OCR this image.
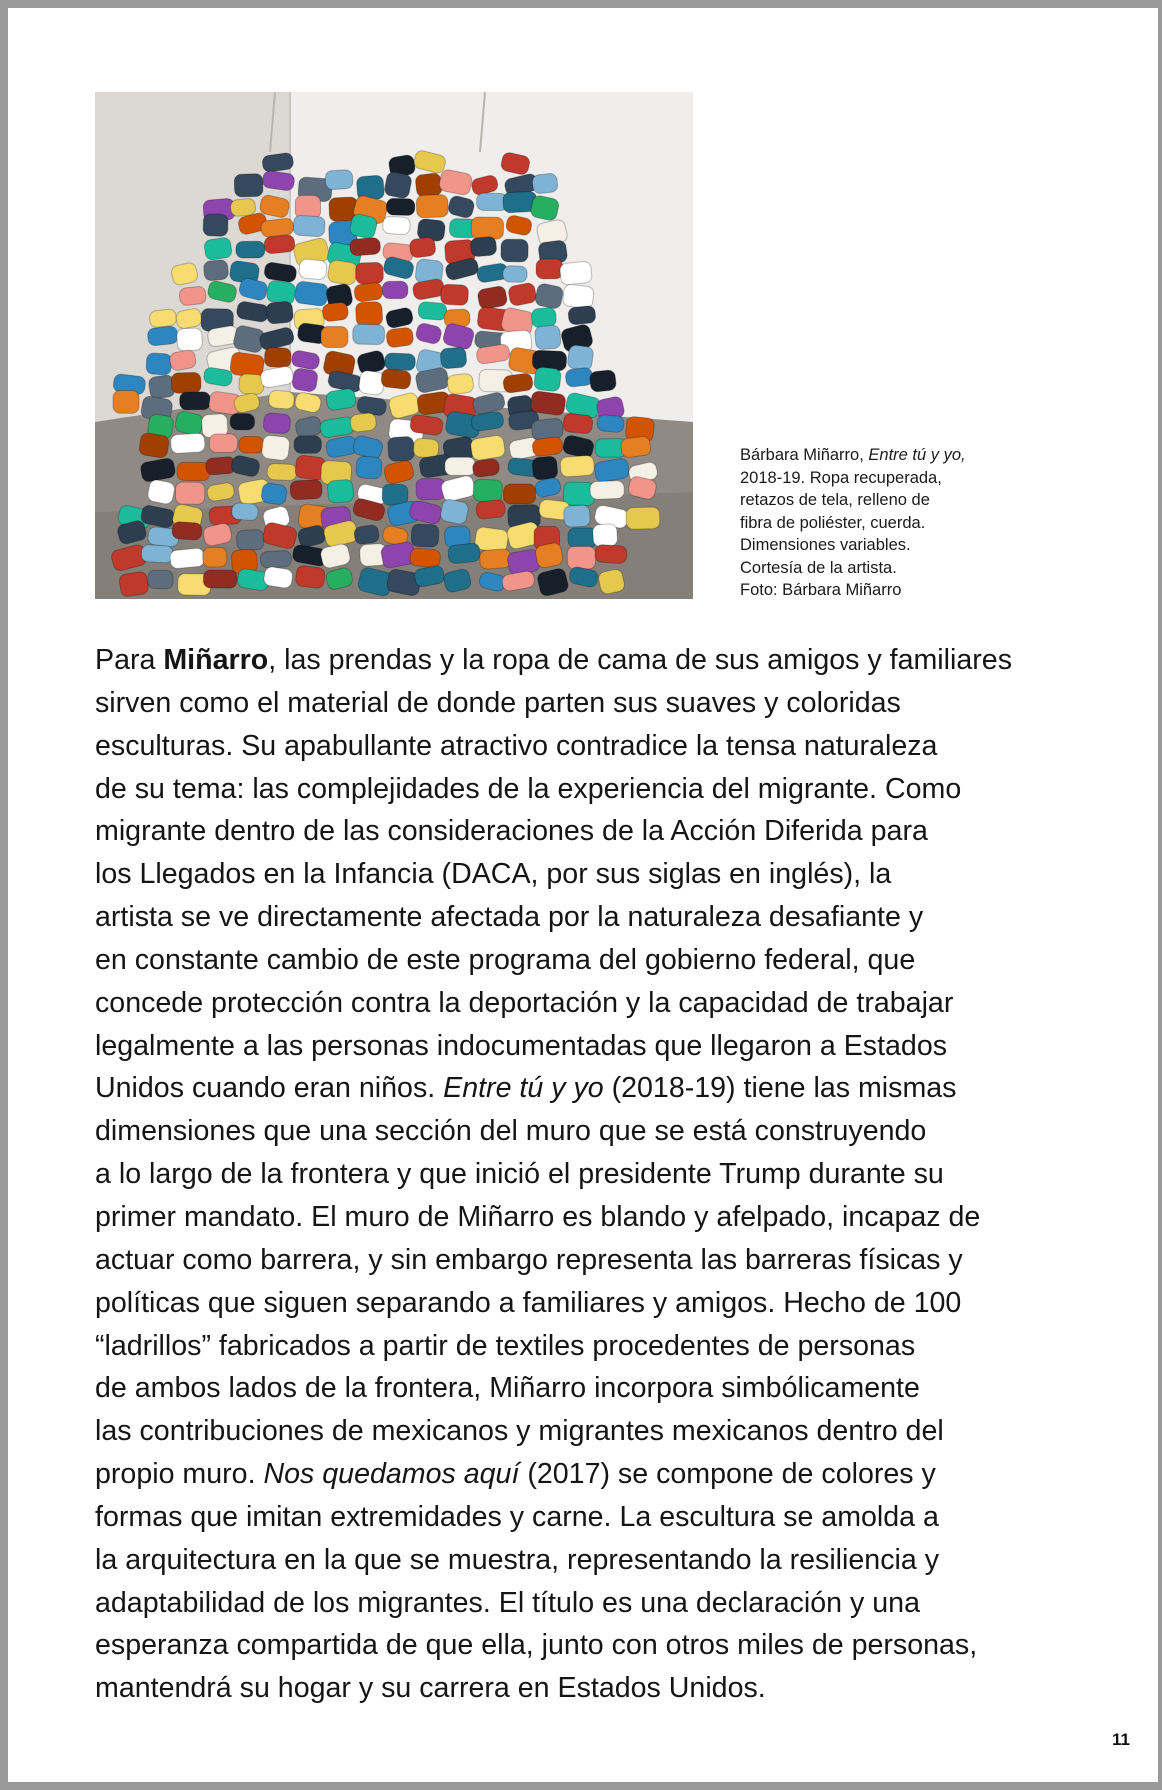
Bárbara Miñarro, Entre tú y yo,
2018-19. Ropa recuperada,
retazos de tela, relleno de
fibra de poliéster, cuerda.
Dimensiones variables.
Cortesía de la artista.
Foto: Bárbara Miñarro
Para Miñarro, las prendas y la ropa de cama de sus amigos y familiares
sirven como el material de donde parten sus suaves y coloridas
esculturas. Su apabullante atractivo contradice la tensa naturaleza
de su tema: las complejidades de la experiencia del migrante. Como
migrante dentro de las consideraciones de la Acción Diferida para
los Llegados en la Infancia (DACA, por sus siglas en inglés), la
artista se ve directamente afectada por la naturaleza desafiante y
en constante cambio de este programa del gobierno federal, que
concede protección contra la deportación y la capacidad de trabajar
legalmente a las personas indocumentadas que llegaron a Estados
Unidos cuando eran niños. Entre tú y yo (2018-19) tiene las mismas
dimensiones que una sección del muro que se está construyendo
a lo largo de la frontera y que inició el presidente Trump durante su
primer mandato. El muro de Miñarro es blando y afelpado, incapaz de
actuar como barrera, y sin embargo representa las barreras físicas y
políticas que siguen separando a familiares y amigos. Hecho de 100
“ladrillos” fabricados a partir de textiles procedentes de personas
de ambos lados de la frontera, Miñarro incorpora simbólicamente
las contribuciones de mexicanos y migrantes mexicanos dentro del
propio muro. Nos quedamos aquí (2017) se compone de colores y
formas que imitan extremidades y carne. La escultura se amolda a
la arquitectura en la que se muestra, representando la resiliencia y
adaptabilidad de los migrantes. El título es una declaración y una
esperanza compartida de que ella, junto con otros miles de personas,
mantendrá su hogar y su carrera en Estados Unidos.
11
